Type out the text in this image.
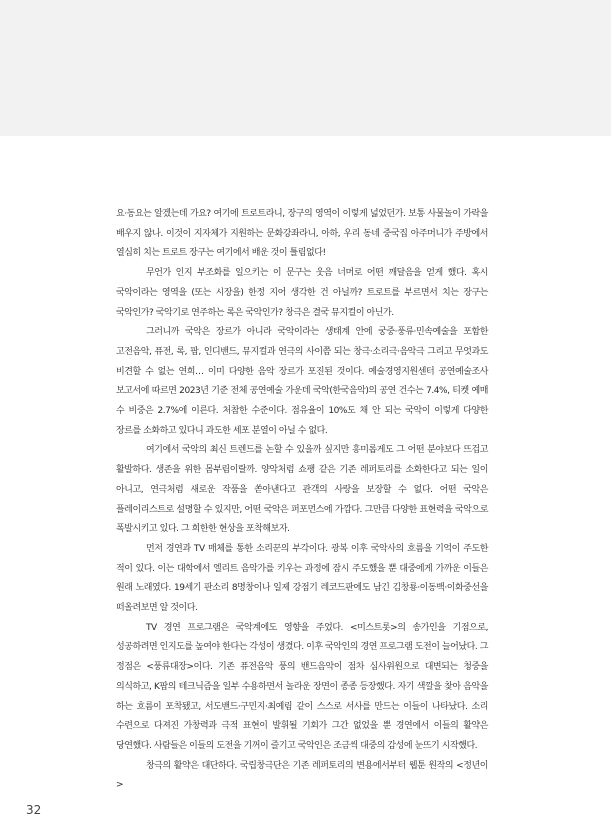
요·동요는 알겠는데 가요? 여기에 트로트라니, 장구의 영역이 이렇게 넓었던가. 보통 사물놀이 가락을 배우지 않나. 이것이 지자체가 지원하는 문화강좌라니, 아하, 우리 동네 중국집 아주머니가 주방에서 열심히 치는 트로트 장구는 여기에서 배운 것이 틀림없다!

무언가 인지 부조화를 일으키는 이 문구는 웃음 너머로 어떤 깨달음을 얻게 했다. 혹시 국악이라는 영역을 (또는 시장을) 한정 지어 생각한 건 아닐까? 트로트를 부르면서 치는 장구는 국악인가? 국악기로 연주하는 록은 국악인가? 창극은 결국 뮤지컬이 아닌가.

그러니까 국악은 장르가 아니라 국악이라는 생태계 안에 궁중·풍류·민속예술을 포함한 고전음악, 퓨전, 록, 팝, 인디밴드, 뮤지컬과 연극의 사이쯤 되는 창극·소리극·음악극 그리고 무엇과도 비견할 수 없는 연희… 이미 다양한 음악 장르가 포진된 것이다. 예술경영지원센터 공연예술조사 보고서에 따르면 2023년 기준 전체 공연예술 가운데 국악(한국음악)의 공연 건수는 7.4%, 티켓 예매 수 비중은 2.7%에 이른다. 처참한 수준이다. 점유율이 10%도 채 안 되는 국악이 이렇게 다양한 장르를 소화하고 있다니 과도한 세포 분열이 아닐 수 없다.

여기에서 국악의 최신 트렌드를 논할 수 있을까 싶지만 흥미롭게도 그 어떤 분야보다 뜨겁고 활발하다. 생존을 위한 몸부림이랄까. 양악처럼 쇼팽 같은 기존 레퍼토리를 소화한다고 되는 일이 아니고, 연극처럼 새로운 작품을 쏟아낸다고 관객의 사랑을 보장할 수 없다. 어떤 국악은 플레이리스트로 설명할 수 있지만, 어떤 국악은 퍼포먼스에 가깝다. 그만큼 다양한 표현력을 국악으로 폭발시키고 있다. 그 희한한 현상을 포착해보자.

먼저 경연과 TV 매체를 통한 소리꾼의 부각이다. 광복 이후 국악사의 흐름을 기억이 주도한 적이 있다. 이는 대학에서 엘리트 음악가를 키우는 과정에 잠시 주도했을 뿐 대중에게 가까운 이들은 원래 노래였다. 19세기 판소리 8명창이나 일제 강점기 레코드판에도 남긴 김창룡·이동백·이화중선을 떠올려보면 알 것이다.

TV 경연 프로그램은 국악계에도 영향을 주었다. <미스트롯>의 송가인을 기점으로, 성공하려면 인지도를 높여야 한다는 각성이 생겼다. 이후 국악인의 경연 프로그램 도전이 늘어났다. 그 정점은 <풍류대장>이다. 기존 퓨전음악 풍의 밴드음악이 점차 심사위원으로 대변되는 청중을 의식하고, K팝의 테크닉즘을 일부 수용하면서 놀라운 장면이 종종 등장했다. 자기 색깔을 찾아 음악을 하는 흐름이 포착됐고, 서도밴드·구민지·최예림 같이 스스로 서사를 만드는 이들이 나타났다. 소리 수련으로 다져진 가창력과 극적 표현이 발휘될 기회가 그간 없었을 뿐 경연에서 이들의 활약은 당연했다. 사람들은 이들의 도전을 기꺼이 즐기고 국악인은 조금씩 대중의 감성에 눈뜨기 시작했다.

창극의 활약은 대단하다. 국립창극단은 기존 레퍼토리의 변용에서부터 웹툰 원작의 <정년이>

32
